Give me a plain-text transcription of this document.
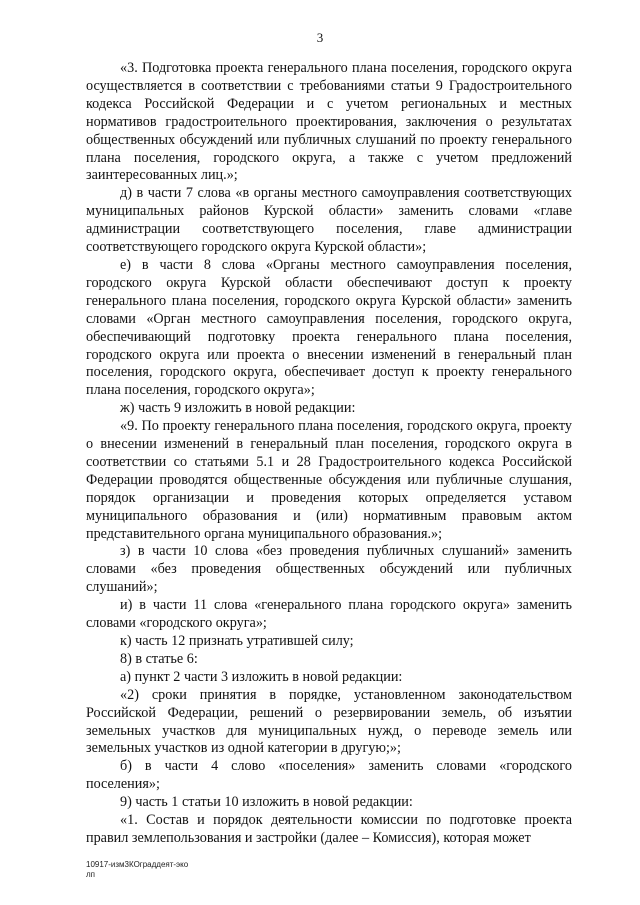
3

«3. Подготовка проекта генерального плана поселения, городского округа осуществляется в соответствии с требованиями статьи 9 Градостроительного кодекса Российской Федерации и с учетом региональных и местных нормативов градостроительного проектирования, заключения о результатах общественных обсуждений или публичных слушаний по проекту генерального плана поселения, городского округа, а также с учетом предложений заинтересованных лиц.»;

д) в части 7 слова «в органы местного самоуправления соответствующих муниципальных районов Курской области» заменить словами «главе администрации соответствующего поселения, главе администрации соответствующего городского округа Курской области»;

е) в части 8 слова «Органы местного самоуправления поселения, городского округа Курской области обеспечивают доступ к проекту генерального плана поселения, городского округа Курской области» заменить словами «Орган местного самоуправления поселения, городского округа, обеспечивающий подготовку проекта генерального плана поселения, городского округа или проекта о внесении изменений в генеральный план поселения, городского округа, обеспечивает доступ к проекту генерального плана поселения, городского округа»;

ж) часть 9 изложить в новой редакции:

«9. По проекту генерального плана поселения, городского округа, проекту о внесении изменений в генеральный план поселения, городского округа в соответствии со статьями 5.1 и 28 Градостроительного кодекса Российской Федерации проводятся общественные обсуждения или публичные слушания, порядок организации и проведения которых определяется уставом муниципального образования и (или) нормативным правовым актом представительного органа муниципального образования.»;

з) в части 10 слова «без проведения публичных слушаний» заменить словами «без проведения общественных обсуждений или публичных слушаний»;

и) в части 11 слова «генерального плана городского округа» заменить словами «городского округа»;

к) часть 12 признать утратившей силу;

8) в статье 6:

а) пункт 2 части 3 изложить в новой редакции:

«2) сроки принятия в порядке, установленном законодательством Российской Федерации, решений о резервировании земель, об изъятии земельных участков для муниципальных нужд, о переводе земель или земельных участков из одной категории в другую;»;

б) в части 4 слово «поселения» заменить словами «городского поселения»;

9) часть 1 статьи 10 изложить в новой редакции:

«1. Состав и порядок деятельности комиссии по подготовке проекта правил землепользования и застройки (далее – Комиссия), которая может

10917-изм3КОграддеят-эко
лп
